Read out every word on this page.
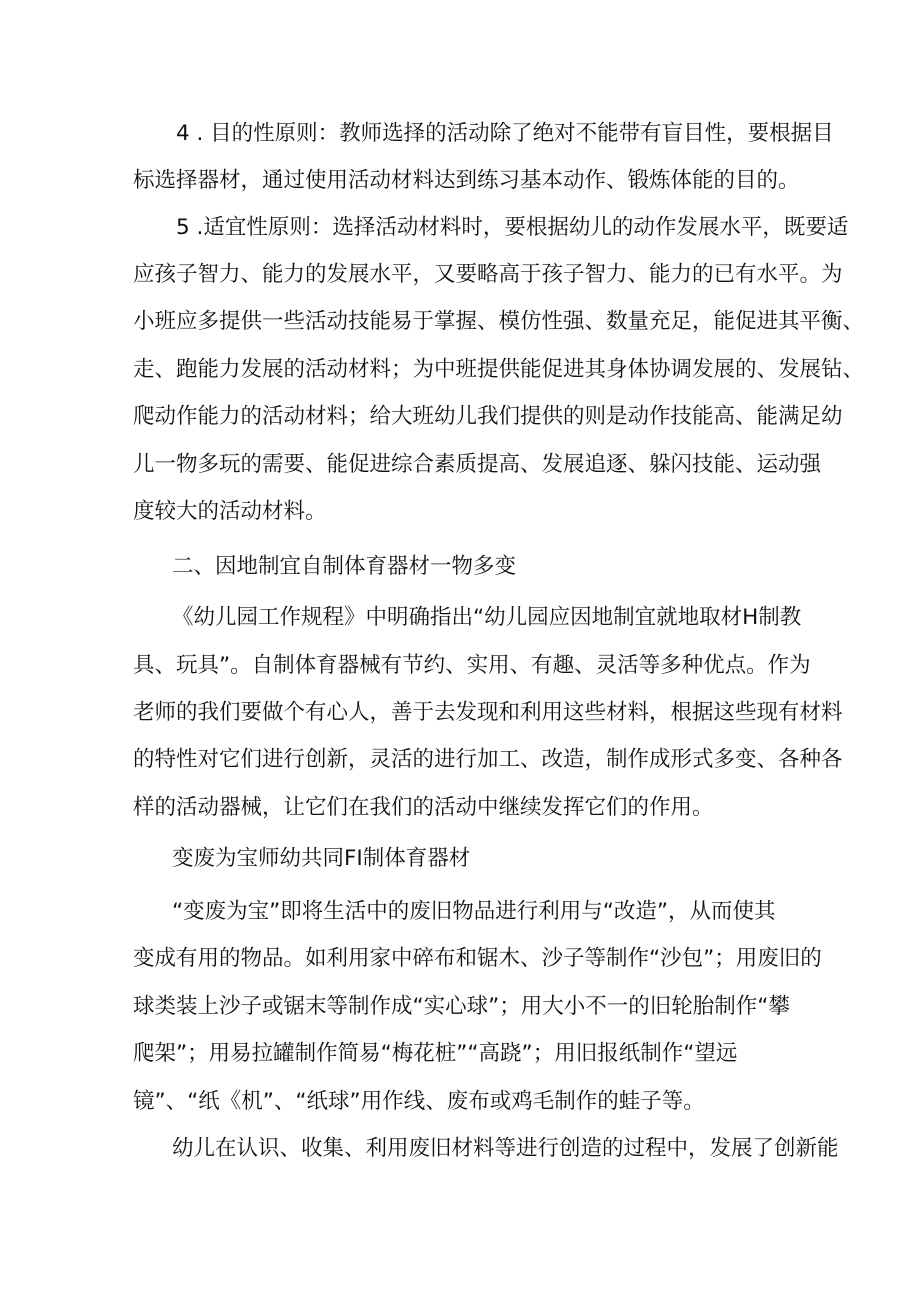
4 . 目的性原则：教师选择的活动除了绝对不能带有盲目性，要根据目
标选择器材，通过使用活动材料达到练习基本动作、锻炼体能的目的。
5 .适宜性原则：选择活动材料时，要根据幼儿的动作发展水平，既要适
应孩子智力、能力的发展水平，又要略高于孩子智力、能力的已有水平。为
小班应多提供一些活动技能易于掌握、模仿性强、数量充足，能促进其平衡、
走、跑能力发展的活动材料；为中班提供能促进其身体协调发展的、发展钻、
爬动作能力的活动材料；给大班幼儿我们提供的则是动作技能高、能满足幼
儿一物多玩的需要、能促进综合素质提高、发展追逐、躲闪技能、运动强
度较大的活动材料。
二、因地制宜自制体育器材一物多变
《幼儿园工作规程》中明确指出“幼儿园应因地制宜就地取材H制教
具、玩具”。自制体育器械有节约、实用、有趣、灵活等多种优点。作为
老师的我们要做个有心人，善于去发现和利用这些材料，根据这些现有材料
的特性对它们进行创新，灵活的进行加工、改造，制作成形式多变、各种各
样的活动器械，让它们在我们的活动中继续发挥它们的作用。
变废为宝师幼共同FI制体育器材
“变废为宝”即将生活中的废旧物品进行利用与“改造”，从而使其
变成有用的物品。如利用家中碎布和锯木、沙子等制作“沙包”；用废旧的
球类装上沙子或锯末等制作成“实心球”；用大小不一的旧轮胎制作“攀
爬架”；用易拉罐制作简易“梅花桩”“高跷”；用旧报纸制作“望远
镜”、“纸《机”、“纸球”用作线、废布或鸡毛制作的蛙子等。
幼儿在认识、收集、利用废旧材料等进行创造的过程中，发展了创新能
